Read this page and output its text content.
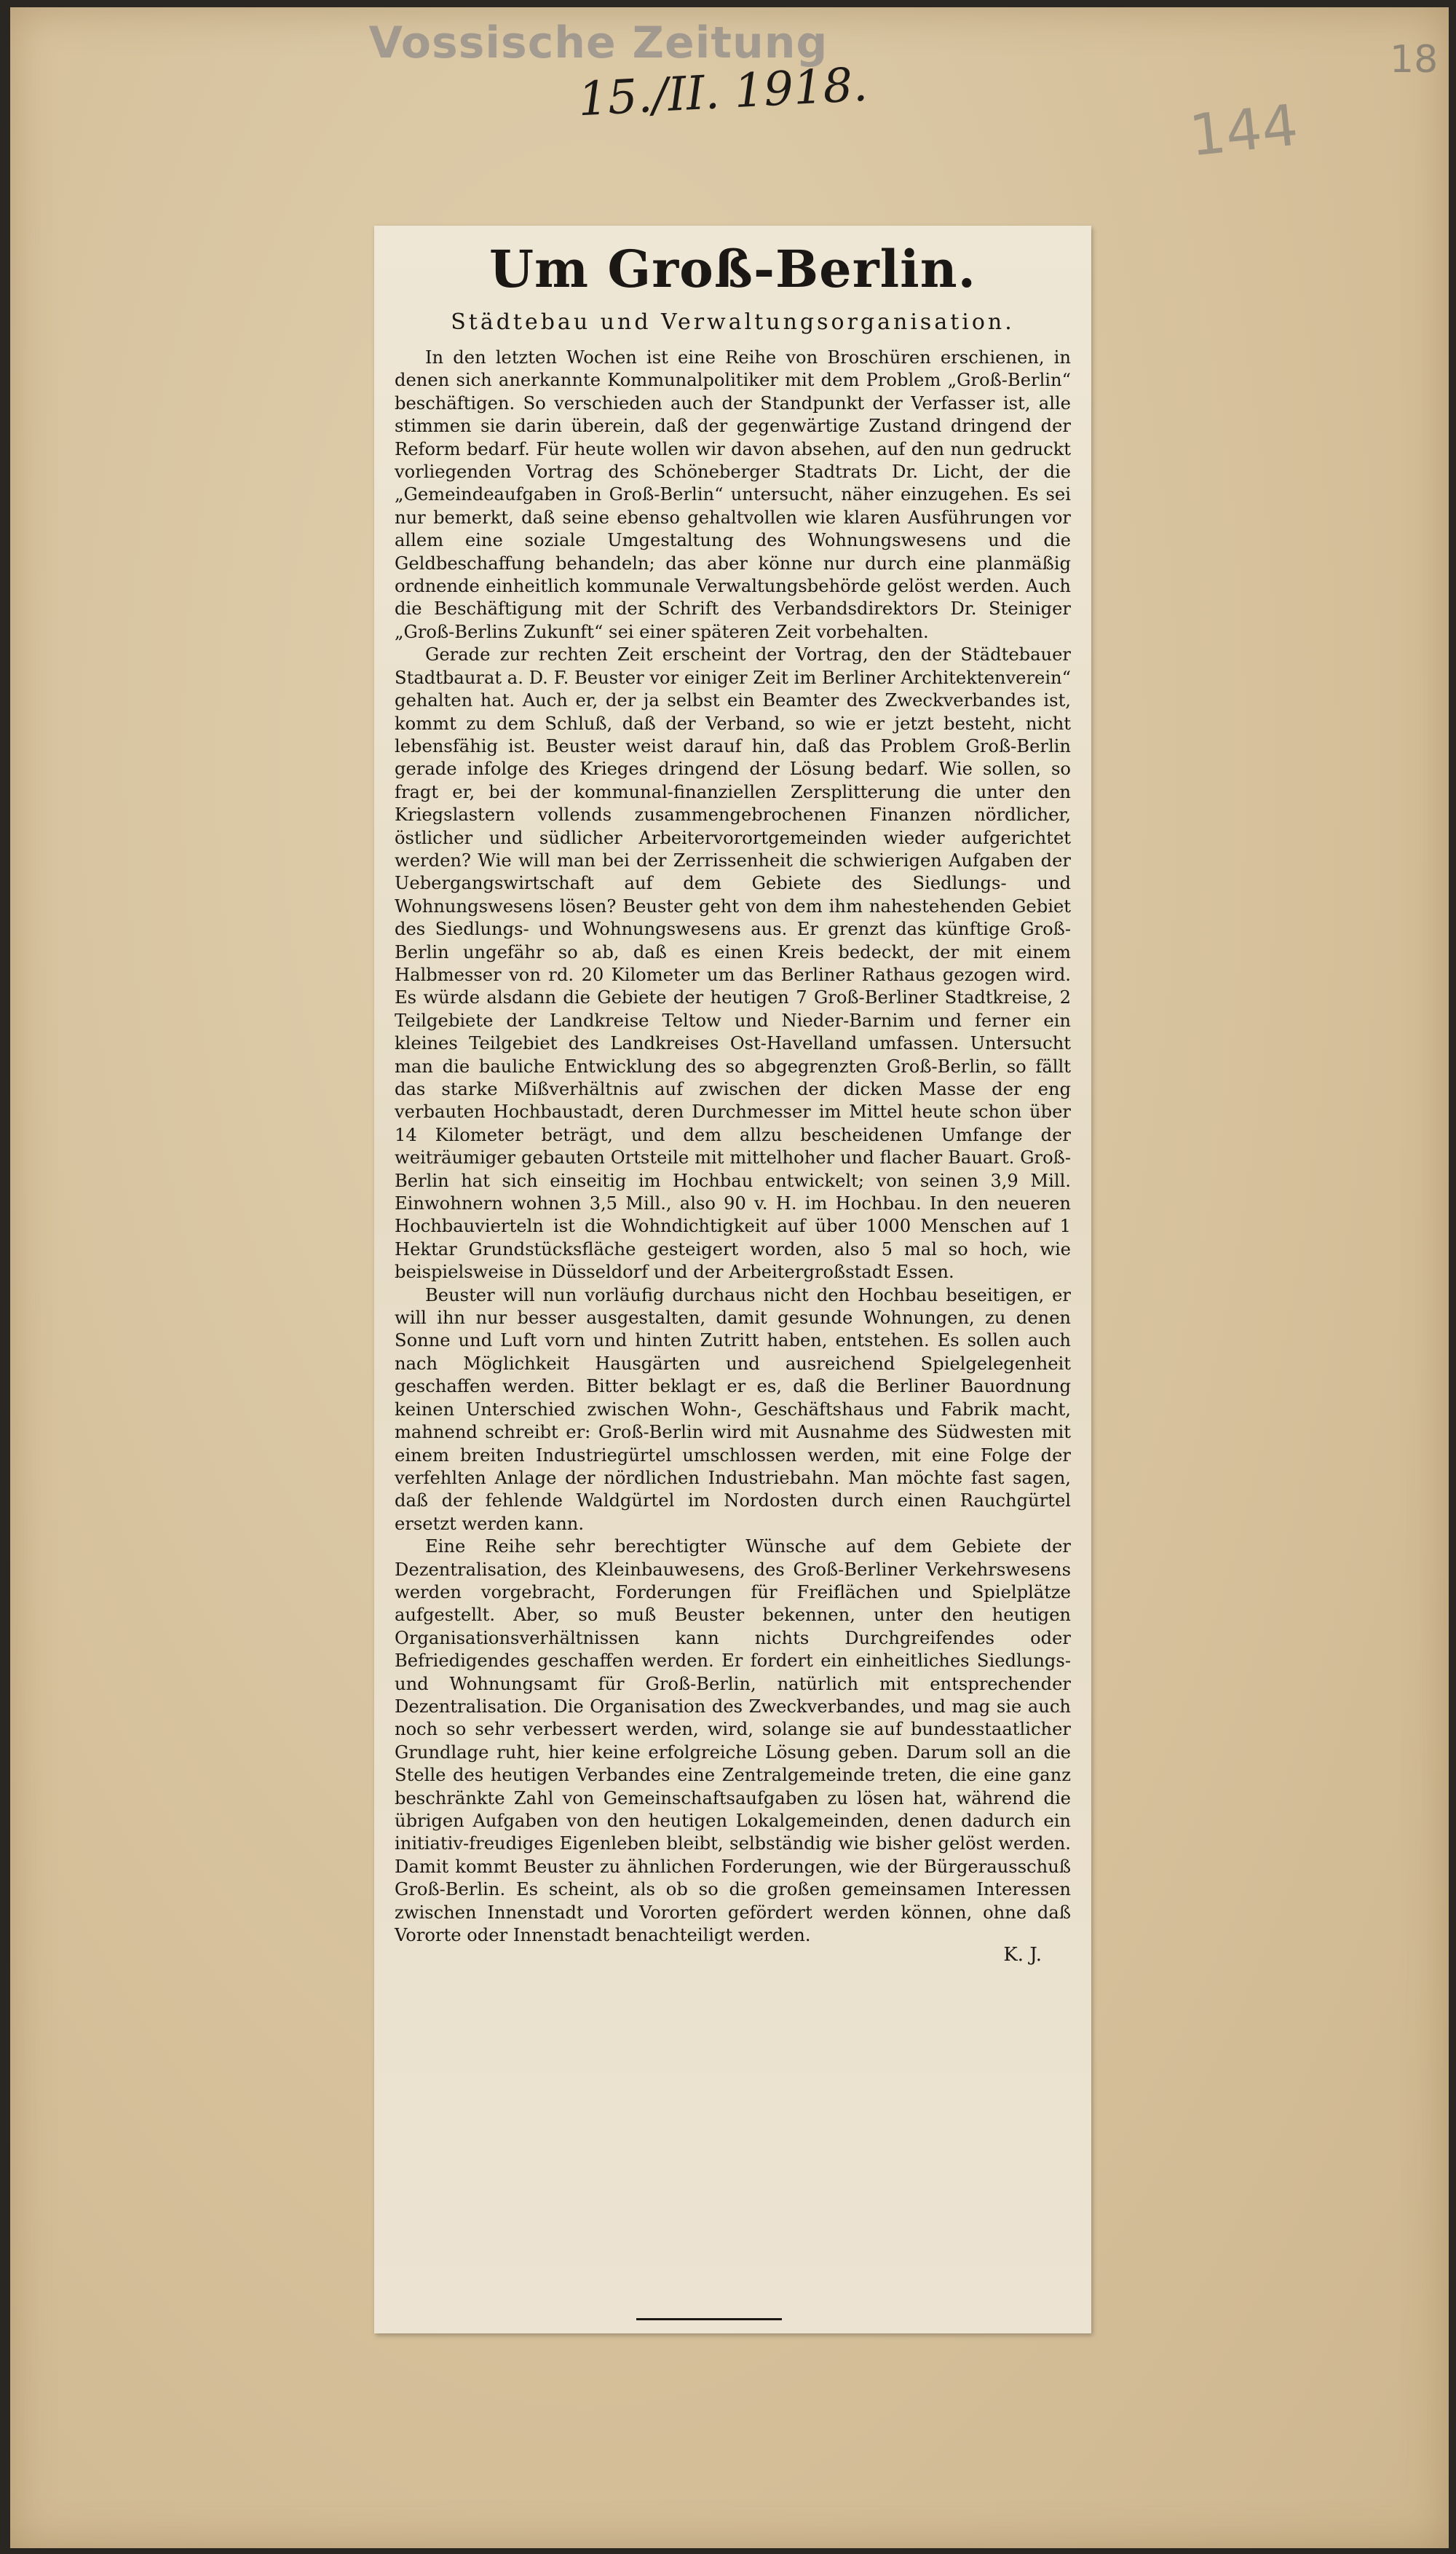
Vossische Zeitung
15./II. 1918.
144
18
Um Groß-Berlin.
Städtebau und Verwaltungsorganisation.

In den letzten Wochen ist eine Reihe von Broschüren erschienen, in denen sich anerkannte Kommunalpolitiker mit dem Problem „Groß-Berlin“ beschäftigen. So verschieden auch der Standpunkt der Verfasser ist, alle stimmen sie darin überein, daß der gegenwärtige Zustand dringend der Reform bedarf. Für heute wollen wir davon absehen, auf den nun gedruckt vorliegenden Vortrag des Schöneberger Stadtrats Dr. Licht, der die „Gemeindeaufgaben in Groß-Berlin“ untersucht, näher einzugehen. Es sei nur bemerkt, daß seine ebenso gehaltvollen wie klaren Ausführungen vor allem eine soziale Umgestaltung des Wohnungswesens und die Geldbeschaffung behandeln; das aber könne nur durch eine planmäßig ordnende einheitlich kommunale Verwaltungsbehörde gelöst werden. Auch die Beschäftigung mit der Schrift des Verbandsdirektors Dr. Steiniger „Groß-Berlins Zukunft“ sei einer späteren Zeit vorbehalten.

Gerade zur rechten Zeit erscheint der Vortrag, den der Städtebauer Stadtbaurat a. D. F. Beuster vor einiger Zeit im Berliner Architektenverein“ gehalten hat. Auch er, der ja selbst ein Beamter des Zweckverbandes ist, kommt zu dem Schluß, daß der Verband, so wie er jetzt besteht, nicht lebensfähig ist. Beuster weist darauf hin, daß das Problem Groß-Berlin gerade infolge des Krieges dringend der Lösung bedarf. Wie sollen, so fragt er, bei der kommunal-finanziellen Zersplitterung die unter den Kriegslastern vollends zusammengebrochenen Finanzen nördlicher, östlicher und südlicher Arbeitervorortgemeinden wieder aufgerichtet werden? Wie will man bei der Zerrissenheit die schwierigen Aufgaben der Uebergangswirtschaft auf dem Gebiete des Siedlungs- und Wohnungswesens lösen? Beuster geht von dem ihm nahestehenden Gebiet des Siedlungs- und Wohnungswesens aus. Er grenzt das künftige Groß-Berlin ungefähr so ab, daß es einen Kreis bedeckt, der mit einem Halbmesser von rd. 20 Kilometer um das Berliner Rathaus gezogen wird. Es würde alsdann die Gebiete der heutigen 7 Groß-Berliner Stadtkreise, 2 Teilgebiete der Landkreise Teltow und Nieder-Barnim und ferner ein kleines Teilgebiet des Landkreises Ost-Havelland umfassen. Untersucht man die bauliche Entwicklung des so abgegrenzten Groß-Berlin, so fällt das starke Mißverhältnis auf zwischen der dicken Masse der eng verbauten Hochbaustadt, deren Durchmesser im Mittel heute schon über 14 Kilometer beträgt, und dem allzu bescheidenen Umfange der weiträumiger gebauten Ortsteile mit mittelhoher und flacher Bauart. Groß-Berlin hat sich einseitig im Hochbau entwickelt; von seinen 3,9 Mill. Einwohnern wohnen 3,5 Mill., also 90 v. H. im Hochbau. In den neueren Hochbauvierteln ist die Wohndichtigkeit auf über 1000 Menschen auf 1 Hektar Grundstücksfläche gesteigert worden, also 5 mal so hoch, wie beispielsweise in Düsseldorf und der Arbeitergroßstadt Essen.

Beuster will nun vorläufig durchaus nicht den Hochbau beseitigen, er will ihn nur besser ausgestalten, damit gesunde Wohnungen, zu denen Sonne und Luft vorn und hinten Zutritt haben, entstehen. Es sollen auch nach Möglichkeit Hausgärten und ausreichend Spielgelegenheit geschaffen werden. Bitter beklagt er es, daß die Berliner Bauordnung keinen Unterschied zwischen Wohn-, Geschäftshaus und Fabrik macht, mahnend schreibt er: Groß-Berlin wird mit Ausnahme des Südwesten mit einem breiten Industriegürtel umschlossen werden, mit eine Folge der verfehlten Anlage der nördlichen Industriebahn. Man möchte fast sagen, daß der fehlende Waldgürtel im Nordosten durch einen Rauchgürtel ersetzt werden kann.

Eine Reihe sehr berechtigter Wünsche auf dem Gebiete der Dezentralisation, des Kleinbauwesens, des Groß-Berliner Verkehrswesens werden vorgebracht, Forderungen für Freiflächen und Spielplätze aufgestellt. Aber, so muß Beuster bekennen, unter den heutigen Organisationsverhältnissen kann nichts Durchgreifendes oder Befriedigendes geschaffen werden. Er fordert ein einheitliches Siedlungs- und Wohnungsamt für Groß-Berlin, natürlich mit entsprechender Dezentralisation. Die Organisation des Zweckverbandes, und mag sie auch noch so sehr verbessert werden, wird, solange sie auf bundesstaatlicher Grundlage ruht, hier keine erfolgreiche Lösung geben. Darum soll an die Stelle des heutigen Verbandes eine Zentralgemeinde treten, die eine ganz beschränkte Zahl von Gemeinschaftsaufgaben zu lösen hat, während die übrigen Aufgaben von den heutigen Lokalgemeinden, denen dadurch ein initiativ-freudiges Eigenleben bleibt, selbständig wie bisher gelöst werden. Damit kommt Beuster zu ähnlichen Forderungen, wie der Bürgerausschuß Groß-Berlin. Es scheint, als ob so die großen gemeinsamen Interessen zwischen Innenstadt und Vororten gefördert werden können, ohne daß Vororte oder Innenstadt benachteiligt werden.

K. J.
